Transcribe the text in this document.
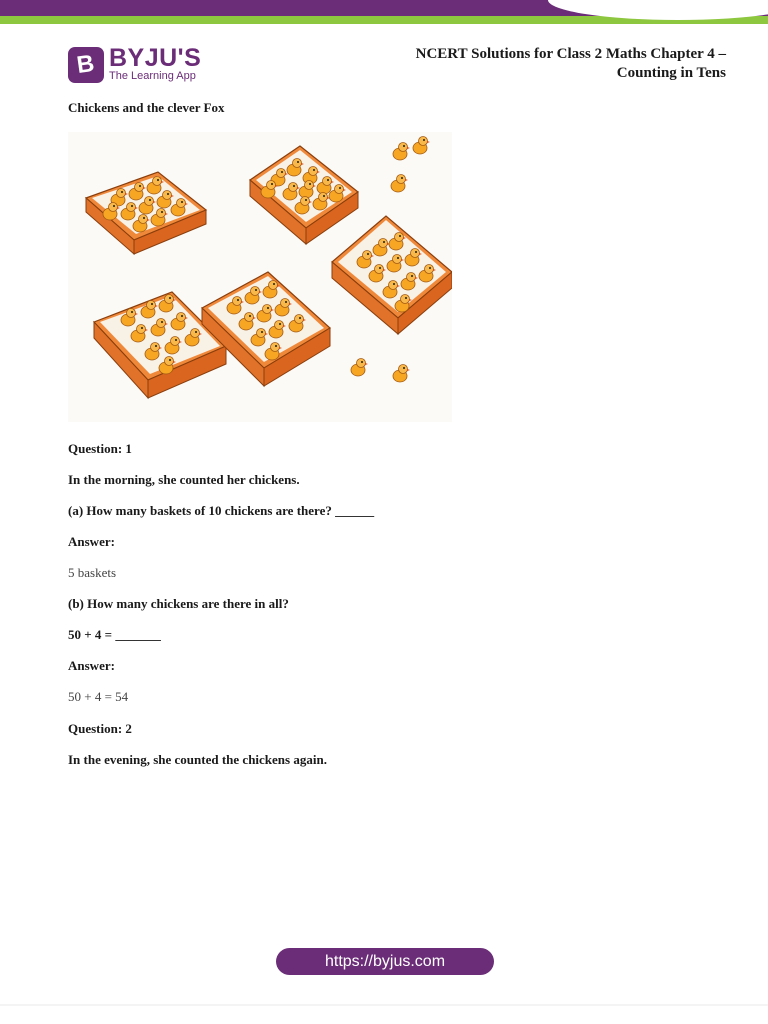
B BYJU'S
The Learning App
NCERT Solutions for Class 2 Maths Chapter 4 –
Counting in Tens
Chickens and the clever Fox
Question: 1
In the morning, she counted her chickens.
(a) How many baskets of 10 chickens are there? ______
Answer:
5 baskets
(b) How many chickens are there in all?
50 + 4 = _______
Answer:
50 + 4 = 54
Question: 2
In the evening, she counted the chickens again.
https://byjus.com
